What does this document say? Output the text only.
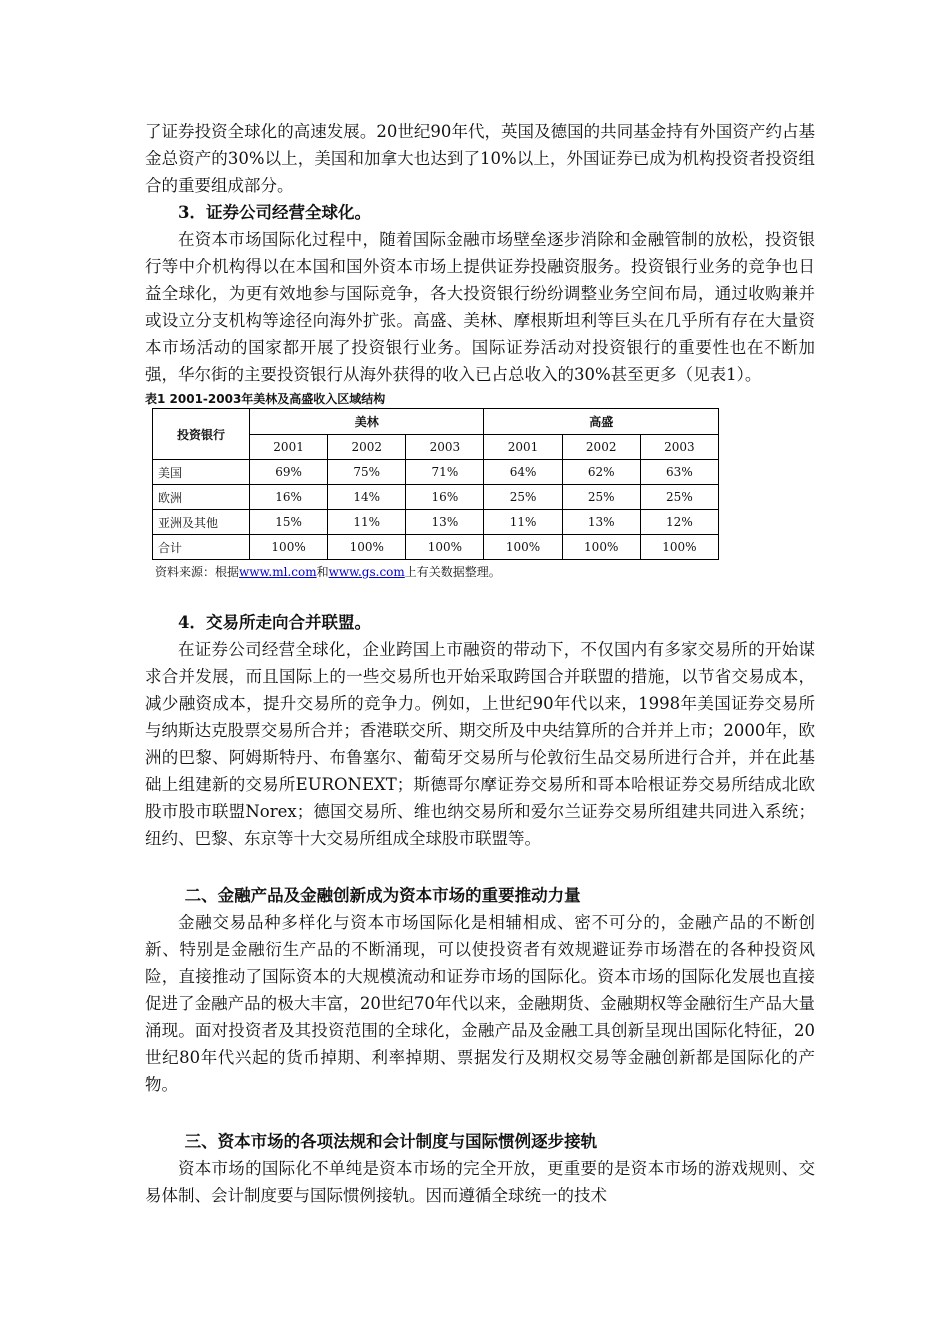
了证券投资全球化的高速发展。20世纪90年代，英国及德国的共同基金持有外国资产约占基金总资产的30%以上，美国和加拿大也达到了10%以上，外国证券已成为机构投资者投资组合的重要组成部分。

3．证券公司经营全球化。

在资本市场国际化过程中，随着国际金融市场壁垒逐步消除和金融管制的放松，投资银行等中介机构得以在本国和国外资本市场上提供证券投融资服务。投资银行业务的竞争也日益全球化，为更有效地参与国际竞争，各大投资银行纷纷调整业务空间布局，通过收购兼并或设立分支机构等途径向海外扩张。高盛、美林、摩根斯坦利等巨头在几乎所有存在大量资本市场活动的国家都开展了投资银行业务。国际证券活动对投资银行的重要性也在不断加强，华尔街的主要投资银行从海外获得的收入已占总收入的30%甚至更多（见表1）。

表1 2001-2003年美林及高盛收入区域结构

投资银行	美林			高盛		
	2001	2002	2003	2001	2002	2003
美国	69%	75%	71%	64%	62%	63%
欧洲	16%	14%	16%	25%	25%	25%
亚洲及其他	15%	11%	13%	11%	13%	12%
合计	100%	100%	100%	100%	100%	100%

资料来源：根据www.ml.com和www.gs.com上有关数据整理。

4．交易所走向合并联盟。

在证券公司经营全球化，企业跨国上市融资的带动下，不仅国内有多家交易所的开始谋求合并发展，而且国际上的一些交易所也开始采取跨国合并联盟的措施，以节省交易成本，减少融资成本，提升交易所的竞争力。例如，上世纪90年代以来，1998年美国证券交易所与纳斯达克股票交易所合并；香港联交所、期交所及中央结算所的合并并上市；2000年，欧洲的巴黎、阿姆斯特丹、布鲁塞尔、葡萄牙交易所与伦敦衍生品交易所进行合并，并在此基础上组建新的交易所EURONEXT；斯德哥尔摩证券交易所和哥本哈根证券交易所结成北欧股市股市联盟Norex；德国交易所、维也纳交易所和爱尔兰证券交易所组建共同进入系统；纽约、巴黎、东京等十大交易所组成全球股市联盟等。

二、金融产品及金融创新成为资本市场的重要推动力量

金融交易品种多样化与资本市场国际化是相辅相成、密不可分的，金融产品的不断创新、特别是金融衍生产品的不断涌现，可以使投资者有效规避证券市场潜在的各种投资风险，直接推动了国际资本的大规模流动和证券市场的国际化。资本市场的国际化发展也直接促进了金融产品的极大丰富，20世纪70年代以来，金融期货、金融期权等金融衍生产品大量涌现。面对投资者及其投资范围的全球化，金融产品及金融工具创新呈现出国际化特征，20世纪80年代兴起的货币掉期、利率掉期、票据发行及期权交易等金融创新都是国际化的产物。

三、资本市场的各项法规和会计制度与国际惯例逐步接轨

资本市场的国际化不单纯是资本市场的完全开放，更重要的是资本市场的游戏规则、交易体制、会计制度要与国际惯例接轨。因而遵循全球统一的技术
